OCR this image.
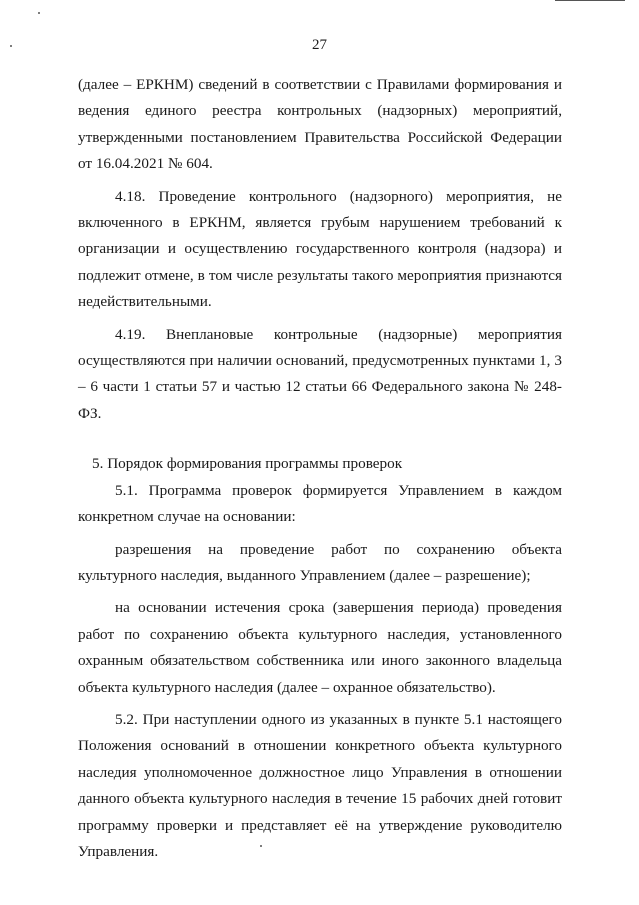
27

(далее – ЕРКНМ) сведений в соответствии с Правилами формирования и ведения единого реестра контрольных (надзорных) мероприятий, утвержденными постановлением Правительства Российской Федерации от 16.04.2021 № 604.

4.18. Проведение контрольного (надзорного) мероприятия, не включенного в ЕРКНМ, является грубым нарушением требований к организации и осуществлению государственного контроля (надзора) и подлежит отмене, в том числе результаты такого мероприятия признаются недействительными.

4.19. Внеплановые контрольные (надзорные) мероприятия осуществляются при наличии оснований, предусмотренных пунктами 1, 3 – 6 части 1 статьи 57 и частью 12 статьи 66 Федерального закона № 248-ФЗ.

5. Порядок формирования программы проверок

5.1. Программа проверок формируется Управлением в каждом конкретном случае на основании:

разрешения на проведение работ по сохранению объекта культурного наследия, выданного Управлением (далее – разрешение);

на основании истечения срока (завершения периода) проведения работ по сохранению объекта культурного наследия, установленного охранным обязательством собственника или иного законного владельца объекта культурного наследия (далее – охранное обязательство).

5.2. При наступлении одного из указанных в пункте 5.1 настоящего Положения оснований в отношении конкретного объекта культурного наследия уполномоченное должностное лицо Управления в отношении данного объекта культурного наследия в течение 15 рабочих дней готовит программу проверки и представляет её на утверждение руководителю Управления.
